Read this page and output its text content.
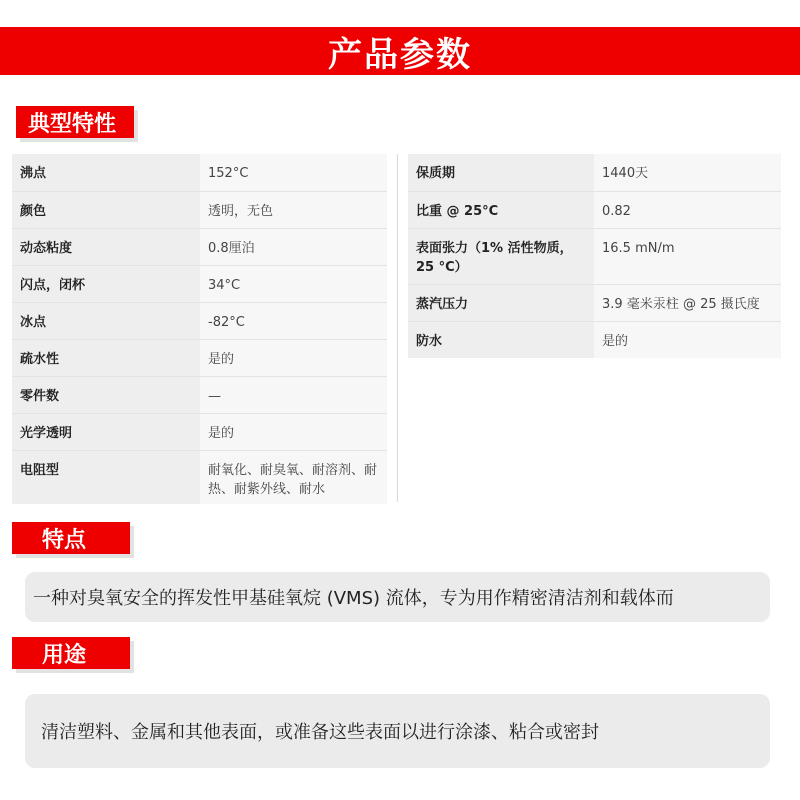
产品参数
典型特性
沸点	152°C
颜色	透明，无色
动态粘度	0.8厘泊
闪点，闭杯	34°C
冰点	-82°C
疏水性	是的
零件数	—
光学透明	是的
电阻型	耐氧化、耐臭氧、耐溶剂、耐热、耐紫外线、耐水
保质期	1440天
比重 @ 25°C	0.82
表面张力（1% 活性物质，25 °C）	16.5 mN/m
蒸汽压力	3.9 毫米汞柱 @ 25 摄氏度
防水	是的
特点
一种对臭氧安全的挥发性甲基硅氧烷 (VMS) 流体，专为用作精密清洁剂和载体而
用途
清洁塑料、金属和其他表面，或准备这些表面以进行涂漆、粘合或密封
